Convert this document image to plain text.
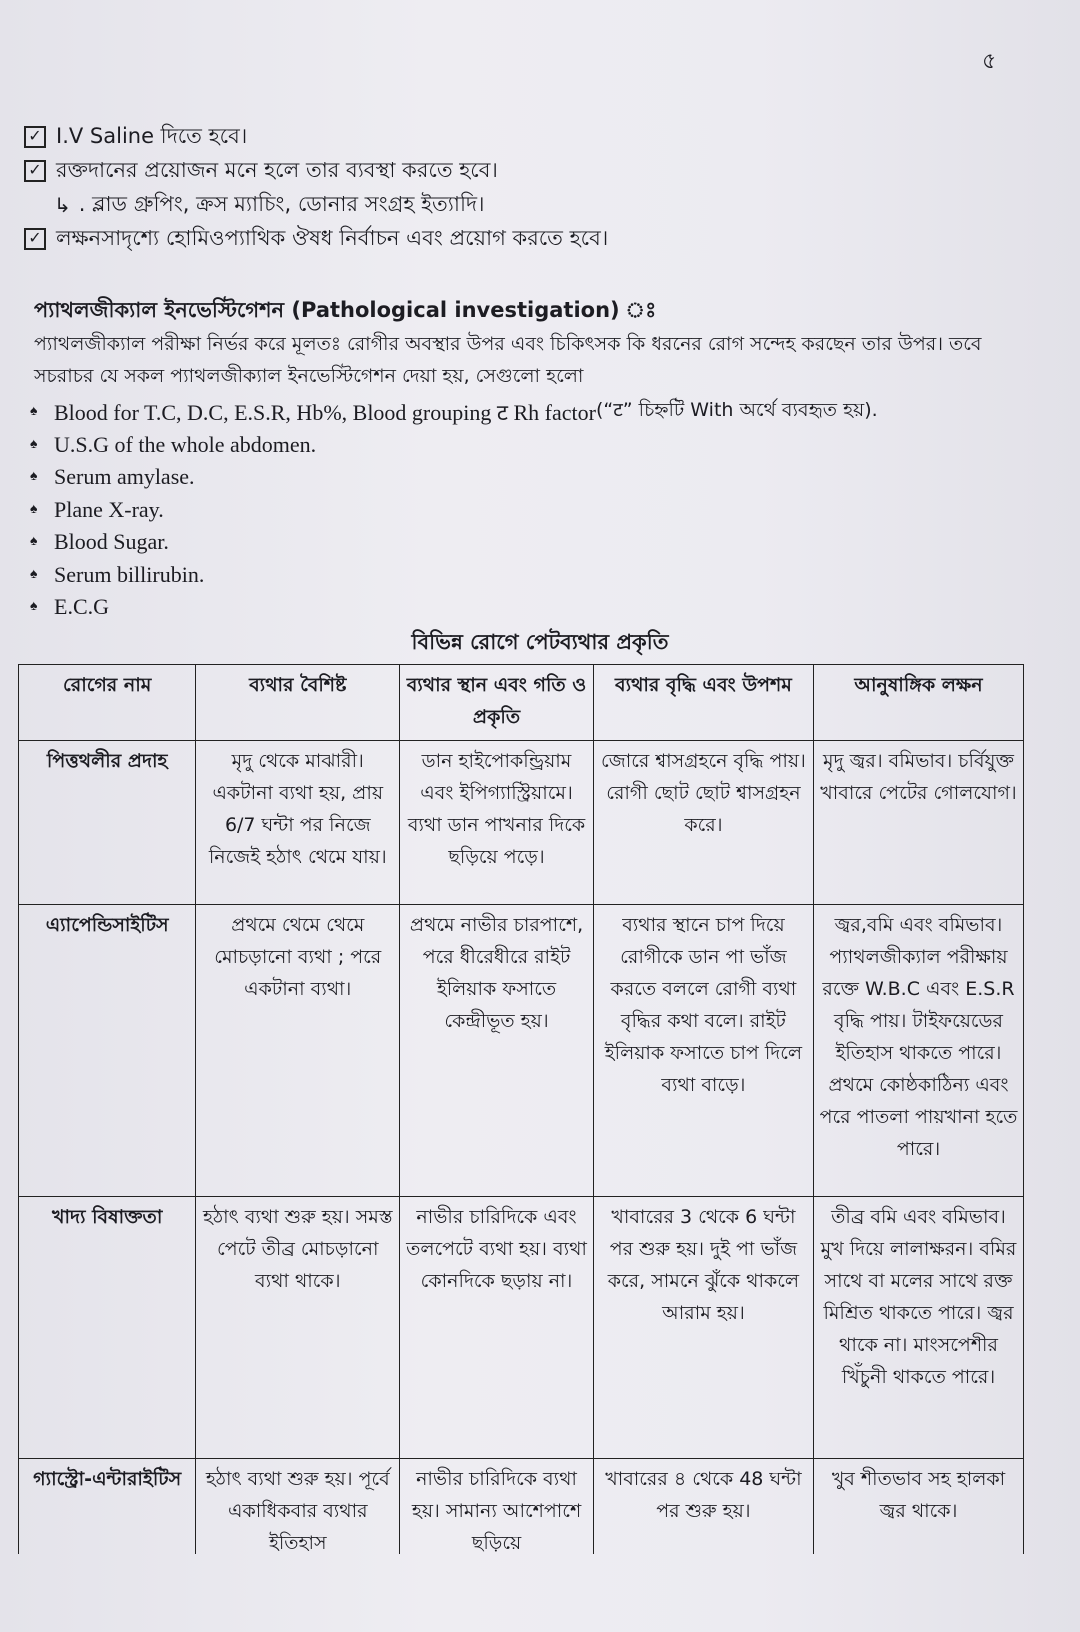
৫
✓ I.V Saline দিতে হবে।
✓ রক্তদানের প্রয়োজন মনে হলে তার ব্যবস্থা করতে হবে।
↳ . ব্লাড গ্রুপিং, ক্রস ম্যাচিং, ডোনার সংগ্রহ ইত্যাদি।
✓ লক্ষনসাদৃশ্যে হোমিওপ্যাথিক ঔষধ নির্বাচন এবং প্রয়োগ করতে হবে।
প্যাথলজীক্যাল ইনভেস্টিগেশন (Pathological investigation) ঃ
প্যাথলজীক্যাল পরীক্ষা নির্ভর করে মূলতঃ রোগীর অবস্থার উপর এবং চিকিৎসক কি ধরনের রোগ সন্দেহ করছেন তার উপর। তবে সচরাচর যে সকল প্যাথলজীক্যাল ইনভেস্টিগেশন দেয়া হয়, সেগুলো হলো
♠ Blood for T.C, D.C, E.S.R, Hb%, Blood grouping ट Rh factor (“ट” চিহ্নটি With অর্থে ব্যবহৃত হয়).
♠ U.S.G of the whole abdomen.
♠ Serum amylase.
♠ Plane X-ray.
♠ Blood Sugar.
♠ Serum billirubin.
♠ E.C.G
বিভিন্ন রোগে পেটব্যথার প্রকৃতি
রোগের নাম	ব্যথার বৈশিষ্ট	ব্যথার স্থান এবং গতি ও প্রকৃতি	ব্যথার বৃদ্ধি এবং উপশম	আনুষাঙ্গিক লক্ষন
পিত্তথলীর প্রদাহ	মৃদু থেকে মাঝারী। একটানা ব্যথা হয়, প্রায় 6/7 ঘন্টা পর নিজে নিজেই হঠাৎ থেমে যায়।	ডান হাইপোকন্ড্রিয়াম এবং ইপিগ্যাস্ট্রিয়ামে। ব্যথা ডান পাখনার দিকে ছড়িয়ে পড়ে।	জোরে শ্বাসগ্রহনে বৃদ্ধি পায়। রোগী ছোট ছোট শ্বাসগ্রহন করে।	মৃদু জ্বর। বমিভাব। চর্বিযুক্ত খাবারে পেটের গোলযোগ।
এ্যাপেন্ডিসাইটিস	প্রথমে থেমে থেমে মোচড়ানো ব্যথা ; পরে একটানা ব্যথা।	প্রথমে নাভীর চারপাশে, পরে ধীরেধীরে রাইট ইলিয়াক ফসাতে কেন্দ্রীভূত হয়।	ব্যথার স্থানে চাপ দিয়ে রোগীকে ডান পা ভাঁজ করতে বললে রোগী ব্যথা বৃদ্ধির কথা বলে। রাইট ইলিয়াক ফসাতে চাপ দিলে ব্যথা বাড়ে।	জ্বর,বমি এবং বমিভাব। প্যাথলজীক্যাল পরীক্ষায় রক্তে W.B.C এবং E.S.R বৃদ্ধি পায়। টাইফয়েডের ইতিহাস থাকতে পারে। প্রথমে কোষ্ঠকাঠিন্য এবং পরে পাতলা পায়খানা হতে পারে।
খাদ্য বিষাক্ততা	হঠাৎ ব্যথা শুরু হয়। সমস্ত পেটে তীব্র মোচড়ানো ব্যথা থাকে।	নাভীর চারিদিকে এবং তলপেটে ব্যথা হয়। ব্যথা কোনদিকে ছড়ায় না।	খাবারের 3 থেকে 6 ঘন্টা পর শুরু হয়। দুই পা ভাঁজ করে, সামনে ঝুঁকে থাকলে আরাম হয়।	তীব্র বমি এবং বমিভাব। মুখ দিয়ে লালাক্ষরন। বমির সাথে বা মলের সাথে রক্ত মিশ্রিত থাকতে পারে। জ্বর থাকে না। মাংসপেশীর খিঁচুনী থাকতে পারে।
গ্যাস্ট্রো-এন্টারাইটিস	হঠাৎ ব্যথা শুরু হয়। পূর্বে একাধিকবার ব্যথার ইতিহাস	নাভীর চারিদিকে ব্যথা হয়। সামান্য আশেপাশে ছড়িয়ে	খাবারের ৪ থেকে 48 ঘন্টা পর শুরু হয়।	খুব শীতভাব সহ হালকা জ্বর থাকে।
